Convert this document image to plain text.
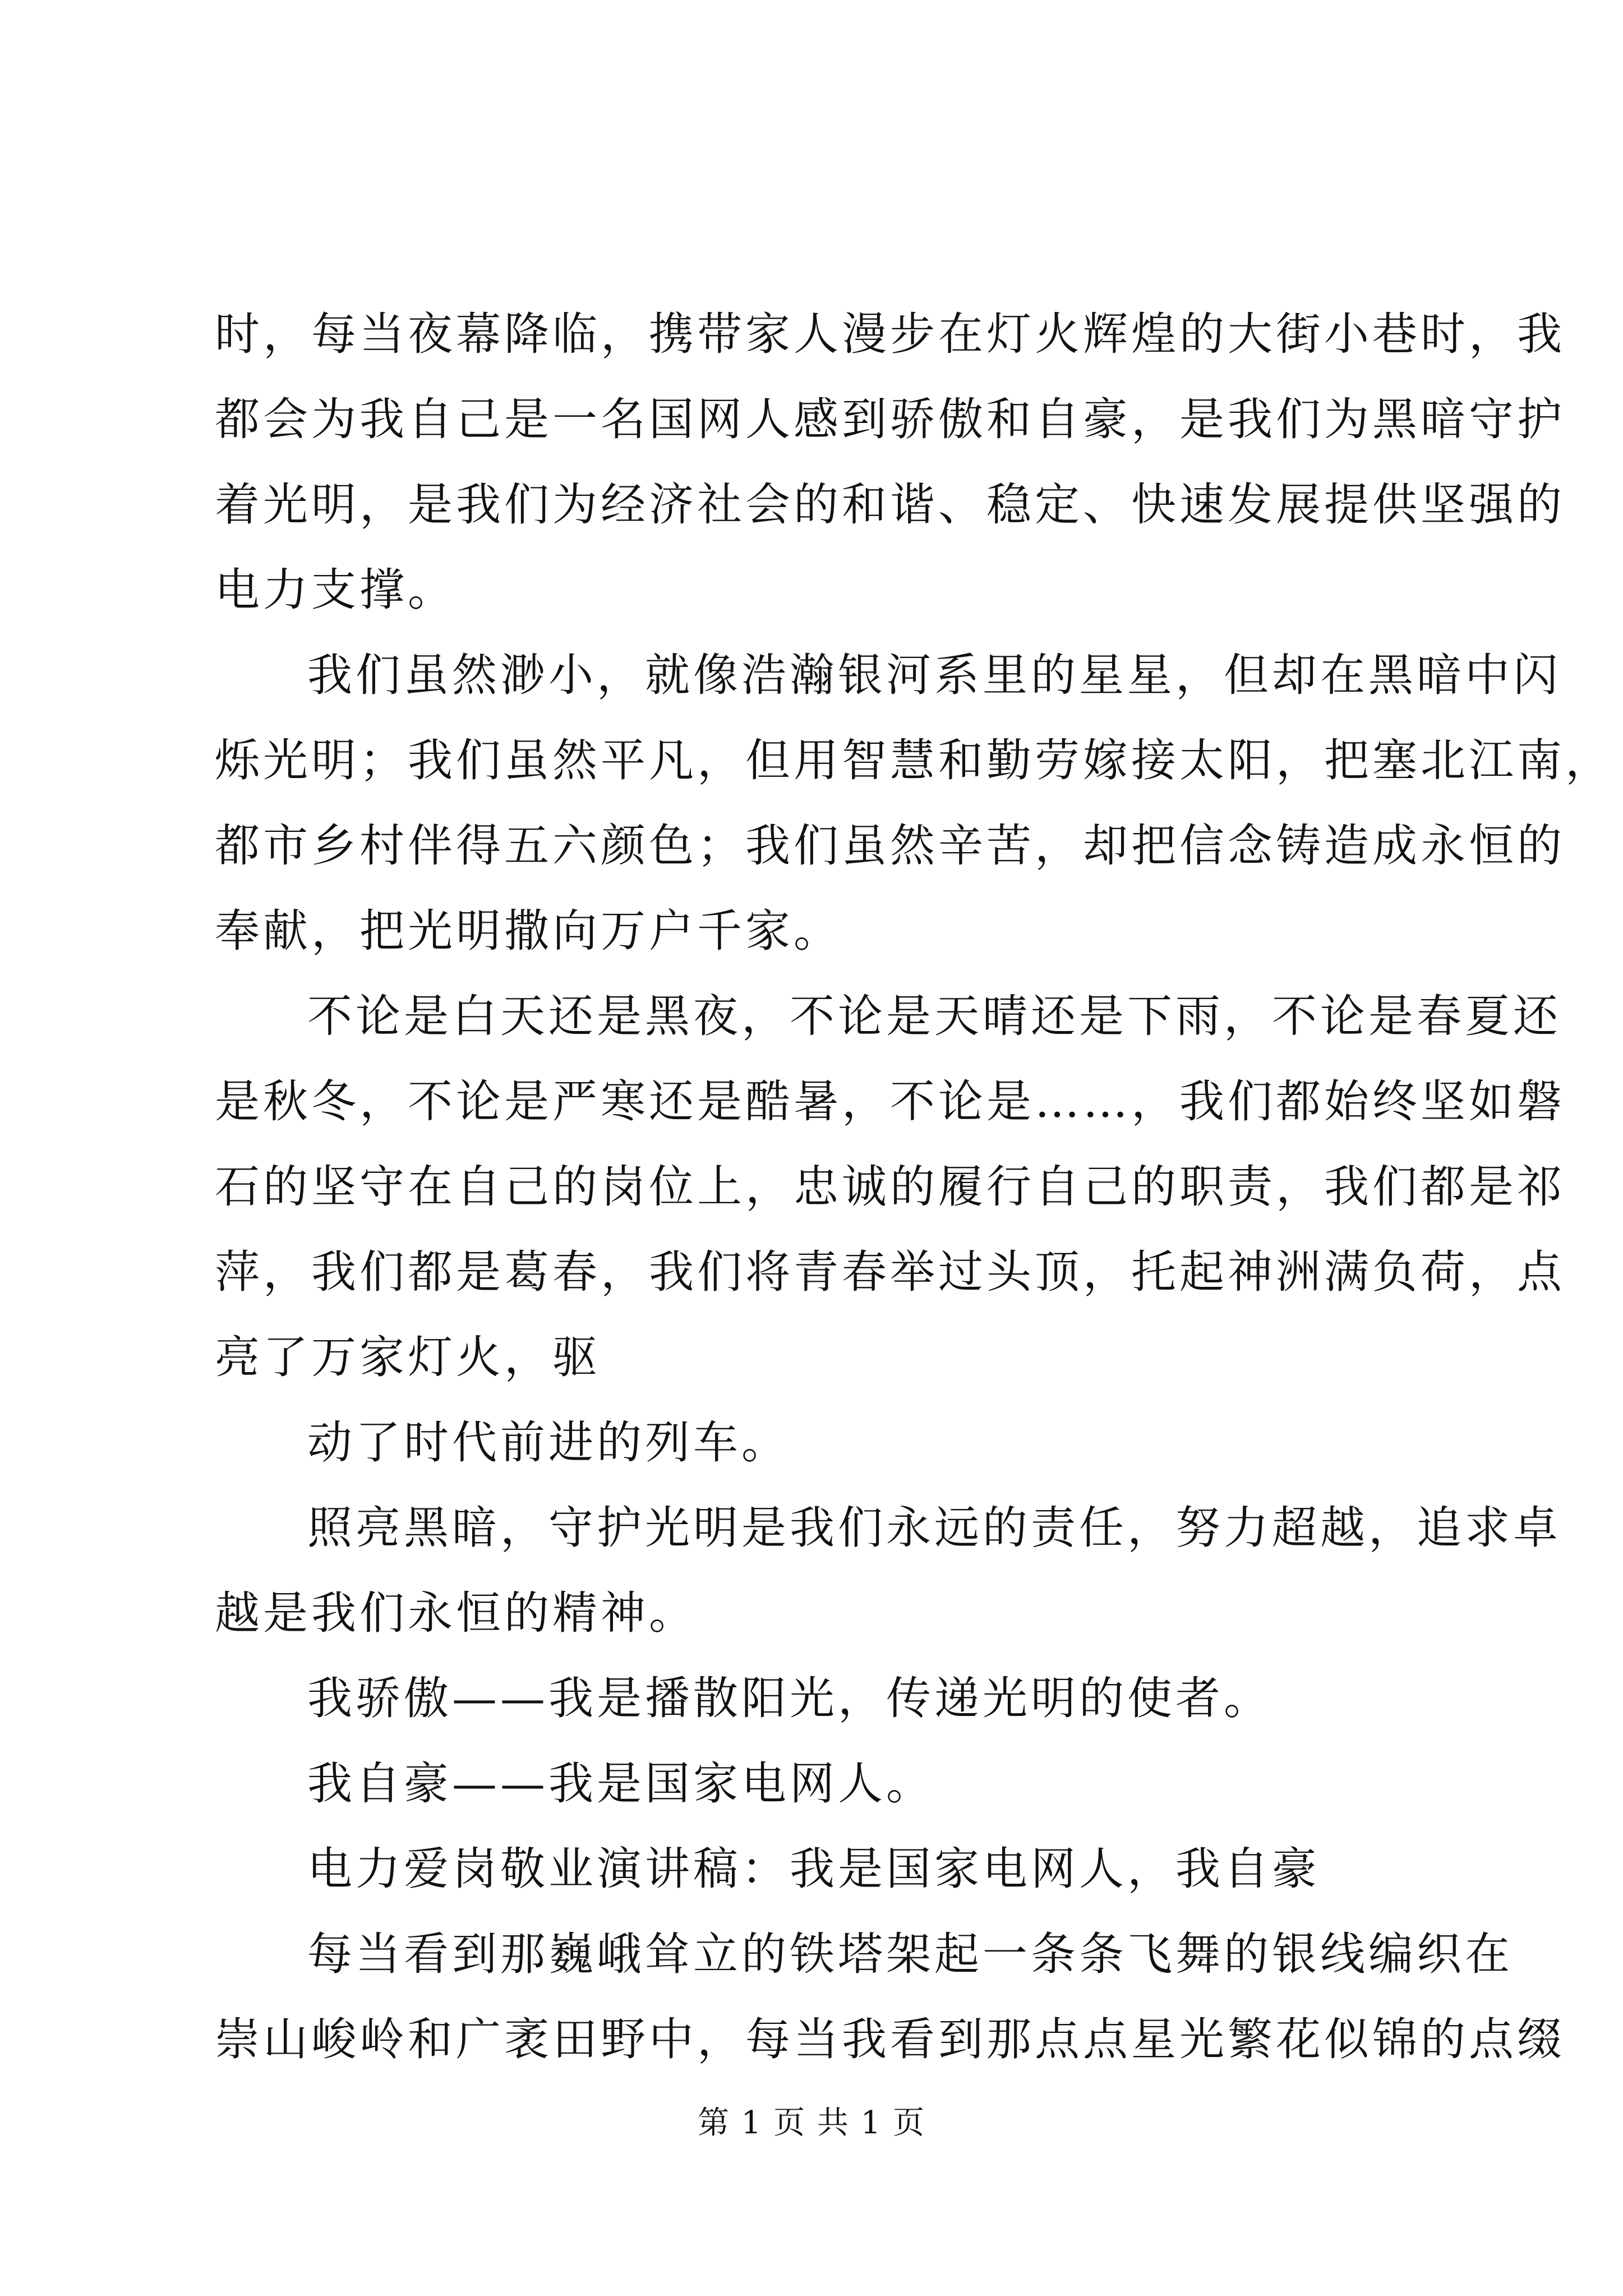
时，每当夜幕降临，携带家人漫步在灯火辉煌的大街小巷时，我
都会为我自己是一名国网人感到骄傲和自豪，是我们为黑暗守护
着光明，是我们为经济社会的和谐、稳定、快速发展提供坚强的
电力支撑。
我们虽然渺小，就像浩瀚银河系里的星星，但却在黑暗中闪
烁光明；我们虽然平凡，但用智慧和勤劳嫁接太阳，把塞北江南，
都市乡村伴得五六颜色；我们虽然辛苦，却把信念铸造成永恒的
奉献，把光明撒向万户千家。
不论是白天还是黑夜，不论是天晴还是下雨，不论是春夏还
是秋冬，不论是严寒还是酷暑，不论是……，我们都始终坚如磐
石的坚守在自己的岗位上，忠诚的履行自己的职责，我们都是祁
萍，我们都是葛春，我们将青春举过头顶，托起神洲满负荷，点
亮了万家灯火，驱
动了时代前进的列车。
照亮黑暗，守护光明是我们永远的责任，努力超越，追求卓
越是我们永恒的精神。
我骄傲——我是播散阳光，传递光明的使者。
我自豪——我是国家电网人。
电力爱岗敬业演讲稿：我是国家电网人，我自豪
每当看到那巍峨耸立的铁塔架起一条条飞舞的银线编织在
崇山峻岭和广袤田野中，每当我看到那点点星光繁花似锦的点缀
第 1 页 共 1 页
